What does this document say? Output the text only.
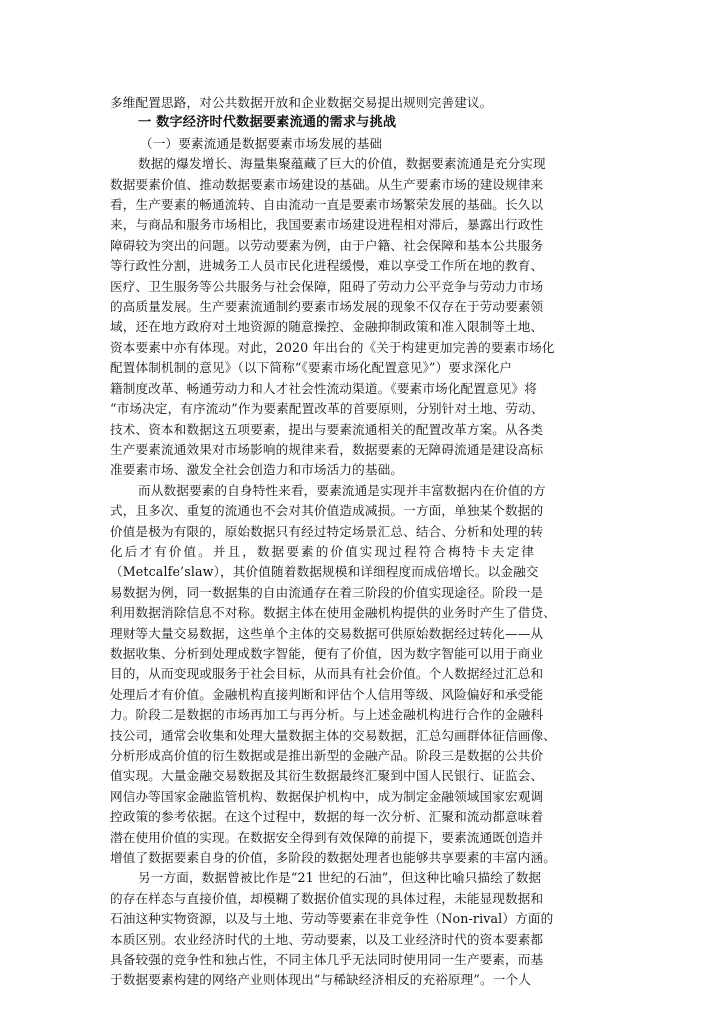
多维配置思路，对公共数据开放和企业数据交易提出规则完善建议。
一 数字经济时代数据要素流通的需求与挑战
（一）要素流通是数据要素市场发展的基础
数据的爆发增长、海量集聚蕴藏了巨大的价值，数据要素流通是充分实现
数据要素价值、推动数据要素市场建设的基础。从生产要素市场的建设规律来
看，生产要素的畅通流转、自由流动一直是要素市场繁荣发展的基础。长久以
来，与商品和服务市场相比，我国要素市场建设进程相对滞后，暴露出行政性
障碍较为突出的问题。以劳动要素为例，由于户籍、社会保障和基本公共服务
等行政性分割，进城务工人员市民化进程缓慢，难以享受工作所在地的教育、
医疗、卫生服务等公共服务与社会保障，阻碍了劳动力公平竞争与劳动力市场
的高质量发展。生产要素流通制约要素市场发展的现象不仅存在于劳动要素领
域，还在地方政府对土地资源的随意操控、金融抑制政策和准入限制等土地、
资本要素中亦有体现。对此，2020 年出台的《关于构建更加完善的要素市场化
配置体制机制的意见》（以下简称“《要素市场化配置意见》”）要求深化户
籍制度改革、畅通劳动力和人才社会性流动渠道。《要素市场化配置意见》将
“市场决定，有序流动”作为要素配置改革的首要原则，分别针对土地、劳动、
技术、资本和数据这五项要素，提出与要素流通相关的配置改革方案。从各类
生产要素流通效果对市场影响的规律来看，数据要素的无障碍流通是建设高标
准要素市场、激发全社会创造力和市场活力的基础。
而从数据要素的自身特性来看，要素流通是实现并丰富数据内在价值的方
式，且多次、重复的流通也不会对其价值造成减损。一方面，单独某个数据的
价值是极为有限的，原始数据只有经过特定场景汇总、结合、分析和处理的转
化后才有价值。并且，数据要素的价值实现过程符合梅特卡夫定律
（Metcalfe’slaw），其价值随着数据规模和详细程度而成倍增长。以金融交
易数据为例，同一数据集的自由流通存在着三阶段的价值实现途径。阶段一是
利用数据消除信息不对称。数据主体在使用金融机构提供的业务时产生了借贷、
理财等大量交易数据，这些单个主体的交易数据可供原始数据经过转化——从
数据收集、分析到处理成数字智能，便有了价值，因为数字智能可以用于商业
目的，从而变现或服务于社会目标，从而具有社会价值。个人数据经过汇总和
处理后才有价值。金融机构直接判断和评估个人信用等级、风险偏好和承受能
力。阶段二是数据的市场再加工与再分析。与上述金融机构进行合作的金融科
技公司，通常会收集和处理大量数据主体的交易数据，汇总勾画群体征信画像、
分析形成高价值的衍生数据或是推出新型的金融产品。阶段三是数据的公共价
值实现。大量金融交易数据及其衍生数据最终汇聚到中国人民银行、证监会、
网信办等国家金融监管机构、数据保护机构中，成为制定金融领域国家宏观调
控政策的参考依据。在这个过程中，数据的每一次分析、汇聚和流动都意味着
潜在使用价值的实现。在数据安全得到有效保障的前提下，要素流通既创造并
增值了数据要素自身的价值，多阶段的数据处理者也能够共享要素的丰富内涵。
另一方面，数据曾被比作是“21 世纪的石油”，但这种比喻只描绘了数据
的存在样态与直接价值，却模糊了数据价值实现的具体过程，未能显现数据和
石油这种实物资源，以及与土地、劳动等要素在非竞争性（Non-rival）方面的
本质区别。农业经济时代的土地、劳动要素，以及工业经济时代的资本要素都
具备较强的竞争性和独占性，不同主体几乎无法同时使用同一生产要素，而基
于数据要素构建的网络产业则体现出“与稀缺经济相反的充裕原理”。一个人
